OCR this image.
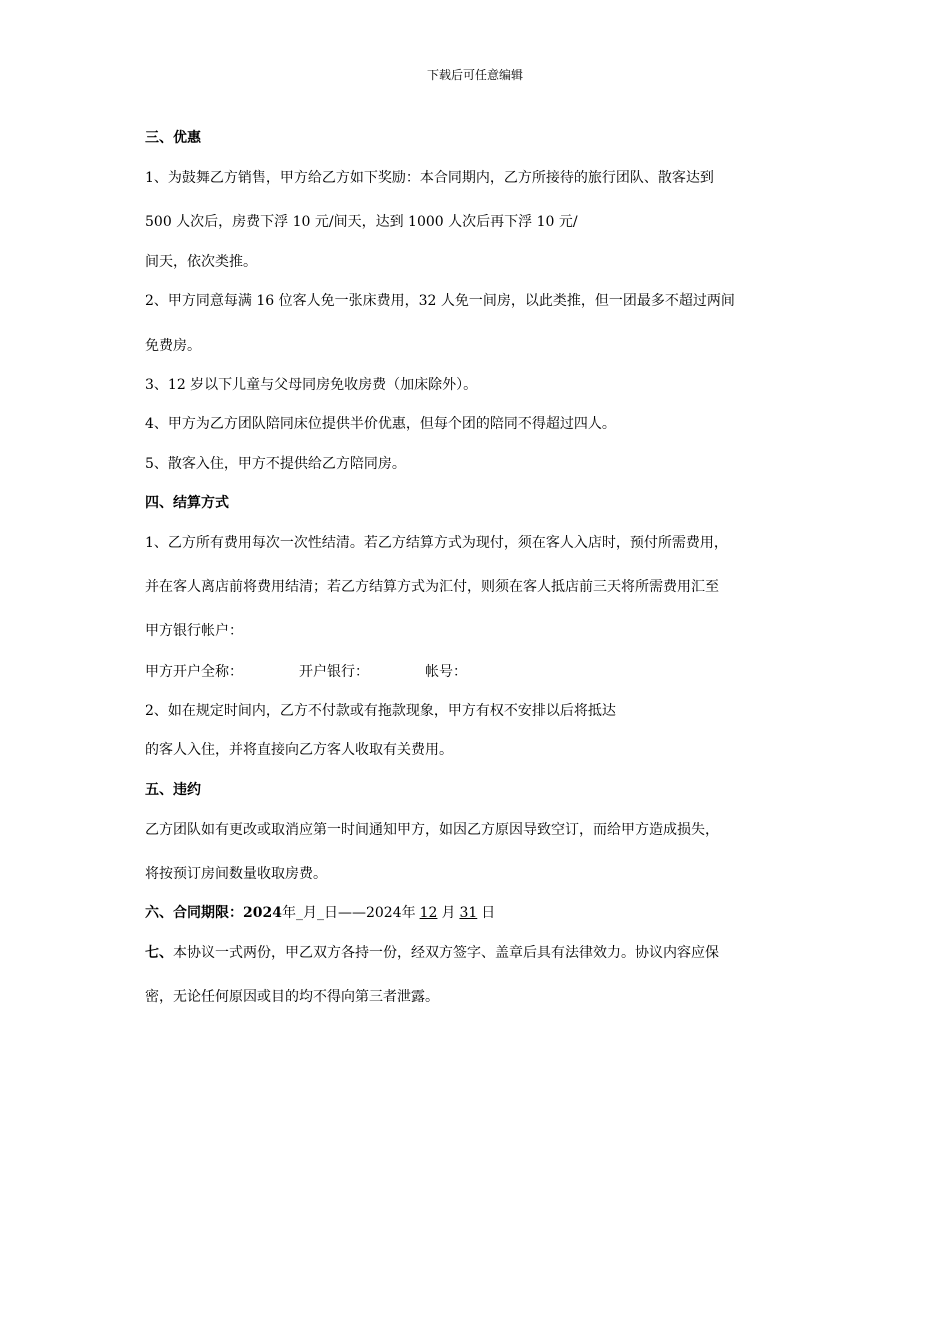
下载后可任意编辑
三、优惠
1、为鼓舞乙方销售，甲方给乙方如下奖励：本合同期内，乙方所接待的旅行团队、散客达到
500 人次后，房费下浮 10 元/间天，达到 1000 人次后再下浮 10 元/
间天，依次类推。
2、甲方同意每满 16 位客人免一张床费用，32 人免一间房，以此类推，但一团最多不超过两间
免费房。
3、12 岁以下儿童与父母同房免收房费（加床除外）。
4、甲方为乙方团队陪同床位提供半价优惠，但每个团的陪同不得超过四人。
5、散客入住，甲方不提供给乙方陪同房。
四、结算方式
1、乙方所有费用每次一次性结清。若乙方结算方式为现付，须在客人入店时，预付所需费用，
并在客人离店前将费用结清；若乙方结算方式为汇付，则须在客人抵店前三天将所需费用汇至
甲方银行帐户：
甲方开户全称：	开户银行：	帐号：
2、如在规定时间内，乙方不付款或有拖款现象，甲方有权不安排以后将抵达
的客人入住，并将直接向乙方客人收取有关费用。
五、违约
乙方团队如有更改或取消应第一时间通知甲方，如因乙方原因导致空订，而给甲方造成损失，
将按预订房间数量收取房费。
六、合同期限：2024年_月_日——2024年 12 月 31 日
七、本协议一式两份，甲乙双方各持一份，经双方签字、盖章后具有法律效力。协议内容应保
密，无论任何原因或目的均不得向第三者泄露。
